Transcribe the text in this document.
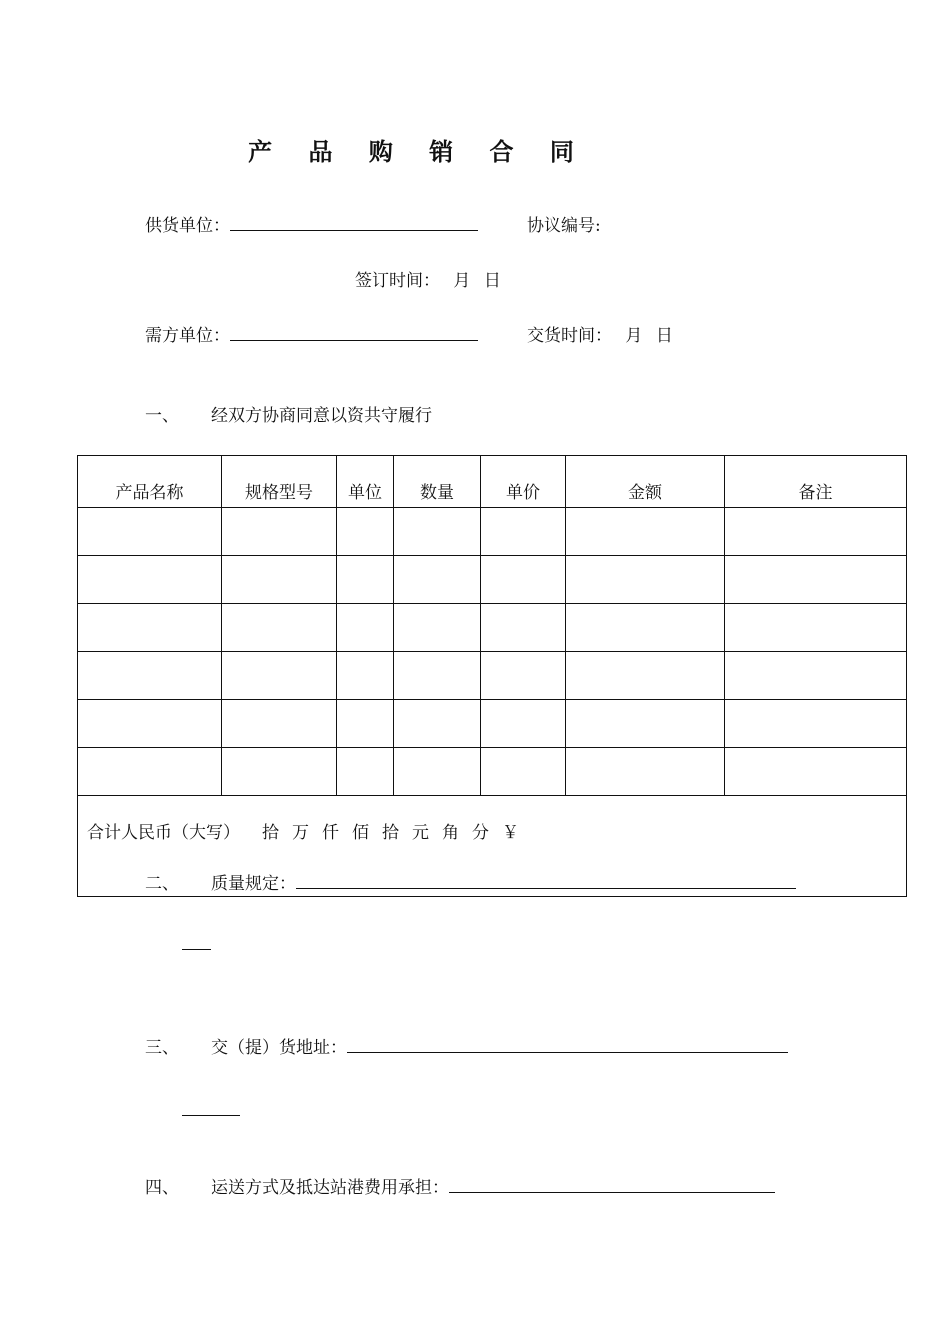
产 品 购 销 合 同
供货单位：	协议编号:
签订时间： 月 日
需方单位：	交货时间： 月 日
一、 经双方协商同意以资共守履行
产品名称	规格型号	单位	数量	单价	金额	备注

合计人民币（大写） 拾 万 仟 佰 拾 元 角 分 ￥						
二、 质量规定：
三、 交（提）货地址：
四、 运送方式及抵达站港费用承担：
